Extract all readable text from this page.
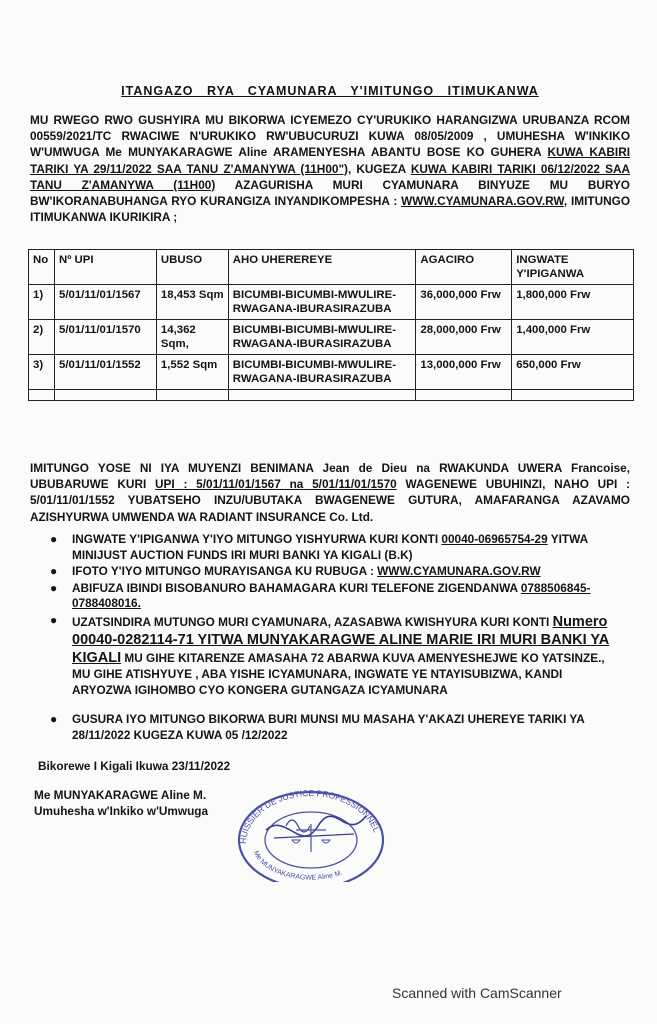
ITANGAZO RYA CYAMUNARA Y'IMITUNGO ITIMUKANWA
MU RWEGO RWO GUSHYIRA MU BIKORWA ICYEMEZO CY'URUKIKO HARANGIZWA URUBANZA RCOM 00559/2021/TC RWACIWE N'URUKIKO RW'UBUCURUZI KUWA 08/05/2009 , UMUHESHA W'INKIKO W'UMWUGA Me MUNYAKARAGWE Aline ARAMENYESHA ABANTU BOSE KO GUHERA KUWA KABIRI TARIKI YA 29/11/2022 SAA TANU Z'AMANYWA (11H00"), KUGEZA KUWA KABIRI TARIKI 06/12/2022 SAA TANU Z'AMANYWA (11H00) AZAGURISHA MURI CYAMUNARA BINYUZE MU BURYO BW'IKORANABUHANGA RYO KURANGIZA INYANDIKOMPESHA : WWW.CYAMUNARA.GOV.RW, IMITUNGO ITIMUKANWA IKURIKIRA ;
No	Nº UPI	UBUSO	AHO UHEREREYE	AGACIRO	INGWATE Y'IPIGANWA
1)	5/01/11/01/1567	18,453 Sqm	BICUMBI-BICUMBI-MWULIRE-RWAGANA-IBURASIRAZUBA	36,000,000 Frw	1,800,000 Frw
2)	5/01/11/01/1570	14,362 Sqm,	BICUMBI-BICUMBI-MWULIRE-RWAGANA-IBURASIRAZUBA	28,000,000 Frw	1,400,000 Frw
3)	5/01/11/01/1552	1,552 Sqm	BICUMBI-BICUMBI-MWULIRE-RWAGANA-IBURASIRAZUBA	13,000,000 Frw	650,000 Frw

IMITUNGO YOSE NI IYA MUYENZI BENIMANA Jean de Dieu na RWAKUNDA UWERA Francoise, UBUBARUWE KURI UPI : 5/01/11/01/1567 na 5/01/11/01/1570 WAGENEWE UBUHINZI, NAHO UPI : 5/01/11/01/1552 YUBATSEHO INZU/UBUTAKA BWAGENEWE GUTURA, AMAFARANGA AZAVAMO AZISHYURWA UMWENDA WA RADIANT INSURANCE Co. Ltd.
● INGWATE Y'IPIGANWA Y'IYO MITUNGO YISHYURWA KURI KONTI 00040-06965754-29 YITWA MINIJUST AUCTION FUNDS IRI MURI BANKI YA KIGALI (B.K)
● IFOTO Y'IYO MITUNGO MURAYISANGA KU RUBUGA : WWW.CYAMUNARA.GOV.RW
● ABIFUZA IBINDI BISOBANURO BAHAMAGARA KURI TELEFONE ZIGENDANWA 0788506845-0788408016.
● UZATSINDIRA MUTUNGO MURI CYAMUNARA, AZASABWA KWISHYURA KURI KONTI Numero 00040-0282114-71 YITWA MUNYAKARAGWE ALINE MARIE IRI MURI BANKI YA KIGALI MU GIHE KITARENZE AMASAHA 72 ABARWA KUVA AMENYESHEJWE KO YATSINZE., MU GIHE ATISHYUYE , ABA YISHE ICYAMUNARA, INGWATE YE NTAYISUBIZWA, KANDI ARYOZWA IGIHOMBO CYO KONGERA GUTANGAZA ICYAMUNARA
● GUSURA IYO MITUNGO BIKORWA BURI MUNSI MU MASAHA Y'AKAZI UHEREYE TARIKI YA 28/11/2022 KUGEZA KUWA 05 /12/2022
Bikorewe I Kigali Ikuwa 23/11/2022
Me MUNYAKARAGWE Aline M.
Umuhesha w'Inkiko w'Umwuga
HUISSIER DE JUSTICE PROFESSIONNEL
Me MUNYAKARAGWE Aline M.
Scanned with CamScanner
